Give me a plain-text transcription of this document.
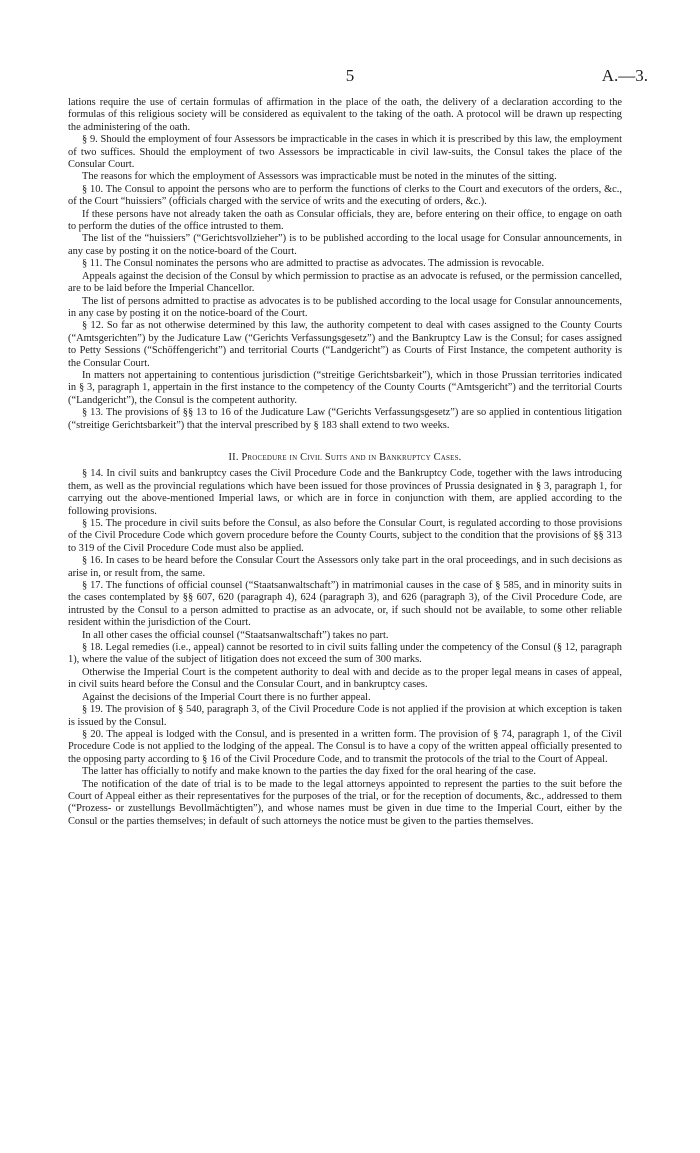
5	A.—3.

lations require the use of certain formulas of affirmation in the place of the oath, the delivery of a declaration according to the formulas of this religious society will be considered as equivalent to the taking of the oath. A protocol will be drawn up respecting the administering of the oath.

§ 9. Should the employment of four Assessors be impracticable in the cases in which it is prescribed by this law, the employment of two suffices. Should the employment of two Assessors be impracticable in civil law-suits, the Consul takes the place of the Consular Court.

The reasons for which the employment of Assessors was impracticable must be noted in the minutes of the sitting.

§ 10. The Consul to appoint the persons who are to perform the functions of clerks to the Court and executors of the orders, &c., of the Court “huissiers” (officials charged with the service of writs and the executing of orders, &c.).

If these persons have not already taken the oath as Consular officials, they are, before entering on their office, to engage on oath to perform the duties of the office intrusted to them.

The list of the “huissiers” (“Gerichtsvollzieher”) is to be published according to the local usage for Consular announcements, in any case by posting it on the notice-board of the Court.

§ 11. The Consul nominates the persons who are admitted to practise as advocates. The admission is revocable.

Appeals against the decision of the Consul by which permission to practise as an advocate is refused, or the permission cancelled, are to be laid before the Imperial Chancellor.

The list of persons admitted to practise as advocates is to be published according to the local usage for Consular announcements, in any case by posting it on the notice-board of the Court.

§ 12. So far as not otherwise determined by this law, the authority competent to deal with cases assigned to the County Courts (“Amtsgerichten”) by the Judicature Law (“Gerichts Verfassungsgesetz”) and the Bankruptcy Law is the Consul; for cases assigned to Petty Sessions (“Schöffengericht”) and territorial Courts (“Landgericht”) as Courts of First Instance, the competent authority is the Consular Court.

In matters not appertaining to contentious jurisdiction (“streitige Gerichtsbarkeit”), which in those Prussian territories indicated in § 3, paragraph 1, appertain in the first instance to the competency of the County Courts (“Amtsgericht”) and the territorial Courts (“Landgericht”), the Consul is the competent authority.

§ 13. The provisions of §§ 13 to 16 of the Judicature Law (“Gerichts Verfassungsgesetz”) are so applied in contentious litigation (“streitige Gerichtsbarkeit”) that the interval prescribed by § 183 shall extend to two weeks.

II. Procedure in Civil Suits and in Bankruptcy Cases.

§ 14. In civil suits and bankruptcy cases the Civil Procedure Code and the Bankruptcy Code, together with the laws introducing them, as well as the provincial regulations which have been issued for those provinces of Prussia designated in § 3, paragraph 1, for carrying out the above-mentioned Imperial laws, or which are in force in conjunction with them, are applied according to the following provisions.

§ 15. The procedure in civil suits before the Consul, as also before the Consular Court, is regulated according to those provisions of the Civil Procedure Code which govern procedure before the County Courts, subject to the condition that the provisions of §§ 313 to 319 of the Civil Procedure Code must also be applied.

§ 16. In cases to be heard before the Consular Court the Assessors only take part in the oral proceedings, and in such decisions as arise in, or result from, the same.

§ 17. The functions of official counsel (“Staatsanwaltschaft”) in matrimonial causes in the case of § 585, and in minority suits in the cases contemplated by §§ 607, 620 (paragraph 4), 624 (paragraph 3), and 626 (paragraph 3), of the Civil Procedure Code, are intrusted by the Consul to a person admitted to practise as an advocate, or, if such should not be available, to some other reliable resident within the jurisdiction of the Court.

In all other cases the official counsel (“Staatsanwaltschaft”) takes no part.

§ 18. Legal remedies (i.e., appeal) cannot be resorted to in civil suits falling under the competency of the Consul (§ 12, paragraph 1), where the value of the subject of litigation does not exceed the sum of 300 marks.

Otherwise the Imperial Court is the competent authority to deal with and decide as to the proper legal means in cases of appeal, in civil suits heard before the Consul and the Consular Court, and in bankruptcy cases.

Against the decisions of the Imperial Court there is no further appeal.

§ 19. The provision of § 540, paragraph 3, of the Civil Procedure Code is not applied if the provision at which exception is taken is issued by the Consul.

§ 20. The appeal is lodged with the Consul, and is presented in a written form. The provision of § 74, paragraph 1, of the Civil Procedure Code is not applied to the lodging of the appeal. The Consul is to have a copy of the written appeal officially presented to the opposing party according to § 16 of the Civil Procedure Code, and to transmit the protocols of the trial to the Court of Appeal.

The latter has officially to notify and make known to the parties the day fixed for the oral hearing of the case.

The notification of the date of trial is to be made to the legal attorneys appointed to represent the parties to the suit before the Court of Appeal either as their representatives for the purposes of the trial, or for the reception of documents, &c., addressed to them (“Prozess- or zustellungs Bevollmächtigten”), and whose names must be given in due time to the Imperial Court, either by the Consul or the parties themselves; in default of such attorneys the notice must be given to the parties themselves.
